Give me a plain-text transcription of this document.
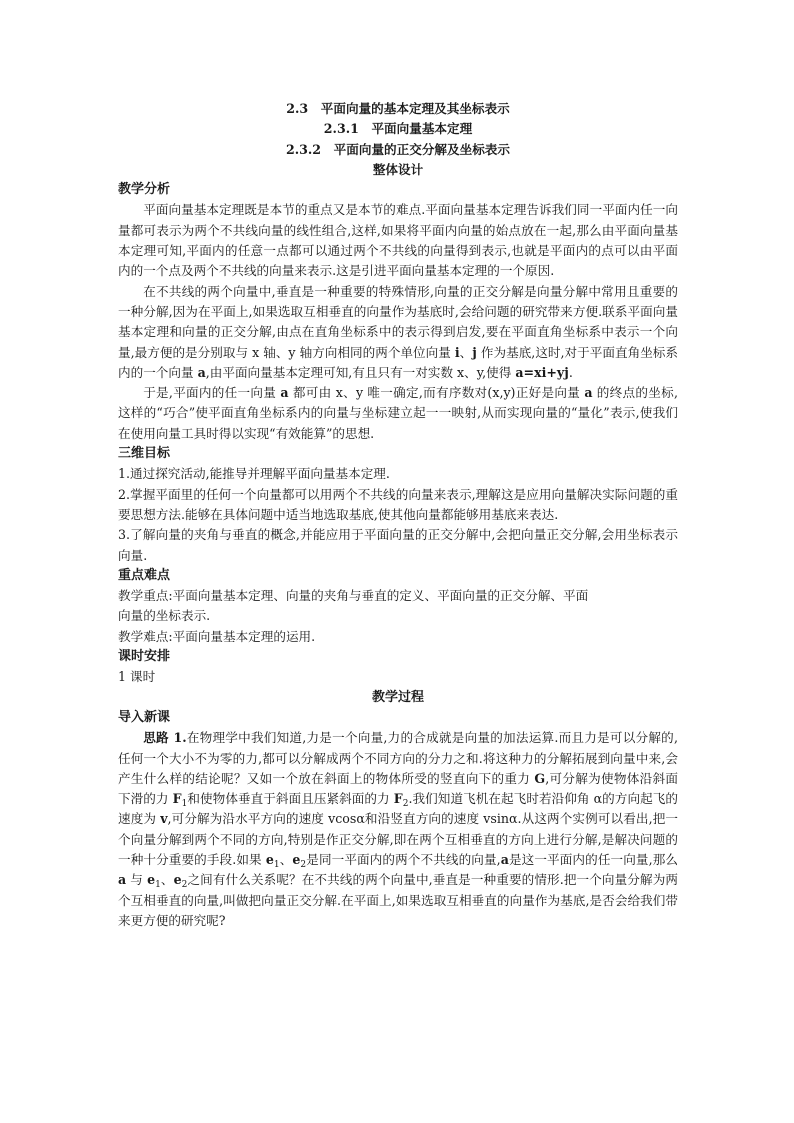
2.3　平面向量的基本定理及其坐标表示

2.3.1　平面向量基本定理

2.3.2　平面向量的正交分解及坐标表示

整体设计

教学分析

平面向量基本定理既是本节的重点又是本节的难点.平面向量基本定理告诉我们同一平面内任一向量都可表示为两个不共线向量的线性组合,这样,如果将平面内向量的始点放在一起,那么由平面向量基本定理可知,平面内的任意一点都可以通过两个不共线的向量得到表示,也就是平面内的点可以由平面内的一个点及两个不共线的向量来表示.这是引进平面向量基本定理的一个原因.

在不共线的两个向量中,垂直是一种重要的特殊情形,向量的正交分解是向量分解中常用且重要的一种分解,因为在平面上,如果选取互相垂直的向量作为基底时,会给问题的研究带来方便.联系平面向量基本定理和向量的正交分解,由点在直角坐标系中的表示得到启发,要在平面直角坐标系中表示一个向量,最方便的是分别取与 x 轴、y 轴方向相同的两个单位向量 i、j 作为基底,这时,对于平面直角坐标系内的一个向量 a,由平面向量基本定理可知,有且只有一对实数 x、y,使得 a=xi+yj.

于是,平面内的任一向量 a 都可由 x、y 唯一确定,而有序数对(x,y)正好是向量 a 的终点的坐标,这样的“巧合”使平面直角坐标系内的向量与坐标建立起一一映射,从而实现向量的“量化”表示,使我们在使用向量工具时得以实现“有效能算”的思想.

三维目标

1.通过探究活动,能推导并理解平面向量基本定理.

2.掌握平面里的任何一个向量都可以用两个不共线的向量来表示,理解这是应用向量解决实际问题的重要思想方法.能够在具体问题中适当地选取基底,使其他向量都能够用基底来表达.

3.了解向量的夹角与垂直的概念,并能应用于平面向量的正交分解中,会把向量正交分解,会用坐标表示向量.

重点难点

教学重点:平面向量基本定理、向量的夹角与垂直的定义、平面向量的正交分解、平面

向量的坐标表示.

教学难点:平面向量基本定理的运用.

课时安排

1 课时

教学过程

导入新课

思路 1.在物理学中我们知道,力是一个向量,力的合成就是向量的加法运算.而且力是可以分解的,任何一个大小不为零的力,都可以分解成两个不同方向的分力之和.将这种力的分解拓展到向量中来,会产生什么样的结论呢？又如一个放在斜面上的物体所受的竖直向下的重力 G,可分解为使物体沿斜面下滑的力 $F_1$和使物体垂直于斜面且压紧斜面的力 $F_2$.我们知道飞机在起飞时若沿仰角 α的方向起飞的速度为 v,可分解为沿水平方向的速度 vcosα和沿竖直方向的速度 vsinα.从这两个实例可以看出,把一个向量分解到两个不同的方向,特别是作正交分解,即在两个互相垂直的方向上进行分解,是解决问题的一种十分重要的手段.如果 $e_1$、$e_2$是同一平面内的两个不共线的向量,a是这一平面内的任一向量,那么 a 与 $e_1$、$e_2$之间有什么关系呢？在不共线的两个向量中,垂直是一种重要的情形.把一个向量分解为两个互相垂直的向量,叫做把向量正交分解.在平面上,如果选取互相垂直的向量作为基底,是否会给我们带来更方便的研究呢?
